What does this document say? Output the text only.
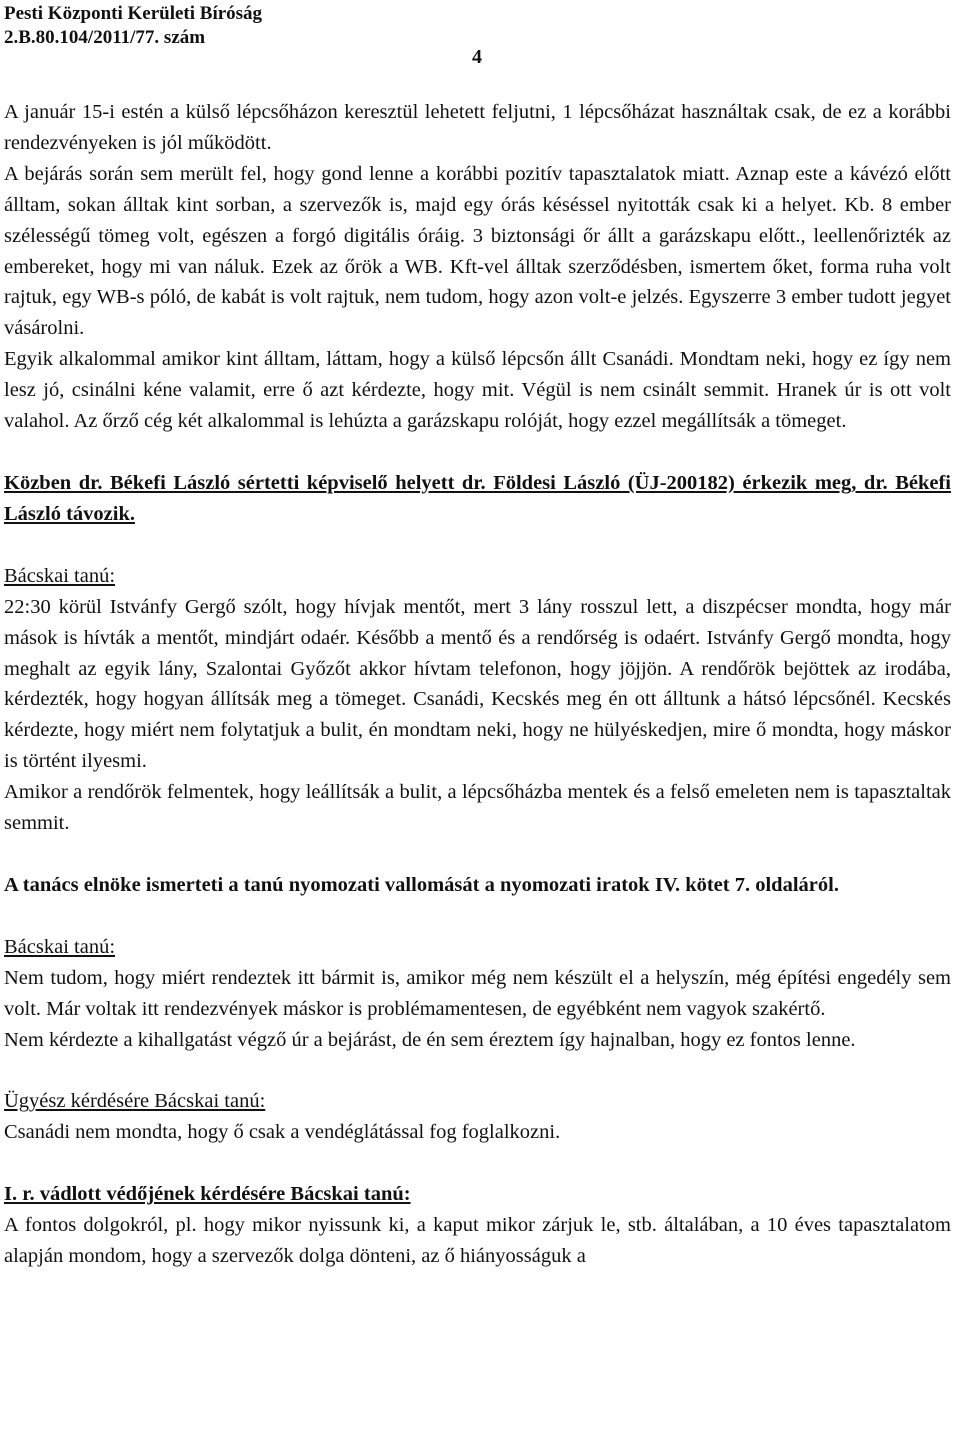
Pesti Központi Kerületi Bíróság
2.B.80.104/2011/77. szám
4

A január 15-i estén a külső lépcsőházon keresztül lehetett feljutni, 1 lépcsőházat használtak csak, de ez a korábbi rendezvényeken is jól működött.

A bejárás során sem merült fel, hogy gond lenne a korábbi pozitív tapasztalatok miatt. Aznap este a kávézó előtt álltam, sokan álltak kint sorban, a szervezők is, majd egy órás késéssel nyitották csak ki a helyet. Kb. 8 ember szélességű tömeg volt, egészen a forgó digitális óráig. 3 biztonsági őr állt a garázskapu előtt., leellenőrizték az embereket, hogy mi van náluk. Ezek az őrök a WB. Kft-vel álltak szerződésben, ismertem őket, forma ruha volt rajtuk, egy WB-s póló, de kabát is volt rajtuk, nem tudom, hogy azon volt-e jelzés. Egyszerre 3 ember tudott jegyet vásárolni.

Egyik alkalommal amikor kint álltam, láttam, hogy a külső lépcsőn állt Csanádi. Mondtam neki, hogy ez így nem lesz jó, csinálni kéne valamit, erre ő azt kérdezte, hogy mit. Végül is nem csinált semmit. Hranek úr is ott volt valahol. Az őrző cég két alkalommal is lehúzta a garázskapu rolóját, hogy ezzel megállítsák a tömeget.

Közben dr. Békefi László sértetti képviselő helyett dr. Földesi László (ÜJ-200182) érkezik meg, dr. Békefi László távozik.

Bácskai tanú:

22:30 körül Istvánfy Gergő szólt, hogy hívjak mentőt, mert 3 lány rosszul lett, a diszpécser mondta, hogy már mások is hívták a mentőt, mindjárt odaér. Később a mentő és a rendőrség is odaért. Istvánfy Gergő mondta, hogy meghalt az egyik lány, Szalontai Győzőt akkor hívtam telefonon, hogy jöjjön. A rendőrök bejöttek az irodába, kérdezték, hogy hogyan állítsák meg a tömeget. Csanádi, Kecskés meg én ott álltunk a hátsó lépcsőnél. Kecskés kérdezte, hogy miért nem folytatjuk a bulit, én mondtam neki, hogy ne hülyéskedjen, mire ő mondta, hogy máskor is történt ilyesmi.

Amikor a rendőrök felmentek, hogy leállítsák a bulit, a lépcsőházba mentek és a felső emeleten nem is tapasztaltak semmit.

A tanács elnöke ismerteti a tanú nyomozati vallomását a nyomozati iratok IV. kötet 7. oldaláról.

Bácskai tanú:

Nem tudom, hogy miért rendeztek itt bármit is, amikor még nem készült el a helyszín, még építési engedély sem volt. Már voltak itt rendezvények máskor is problémamentesen, de egyébként nem vagyok szakértő.

Nem kérdezte a kihallgatást végző úr a bejárást, de én sem éreztem így hajnalban, hogy ez fontos lenne.

Ügyész kérdésére Bácskai tanú:

Csanádi nem mondta, hogy ő csak a vendéglátással fog foglalkozni.

I. r. vádlott védőjének kérdésére Bácskai tanú:

A fontos dolgokról, pl. hogy mikor nyissunk ki, a kaput mikor zárjuk le, stb. általában, a 10 éves tapasztalatom alapján mondom, hogy a szervezők dolga dönteni, az ő hiányosságuk a
